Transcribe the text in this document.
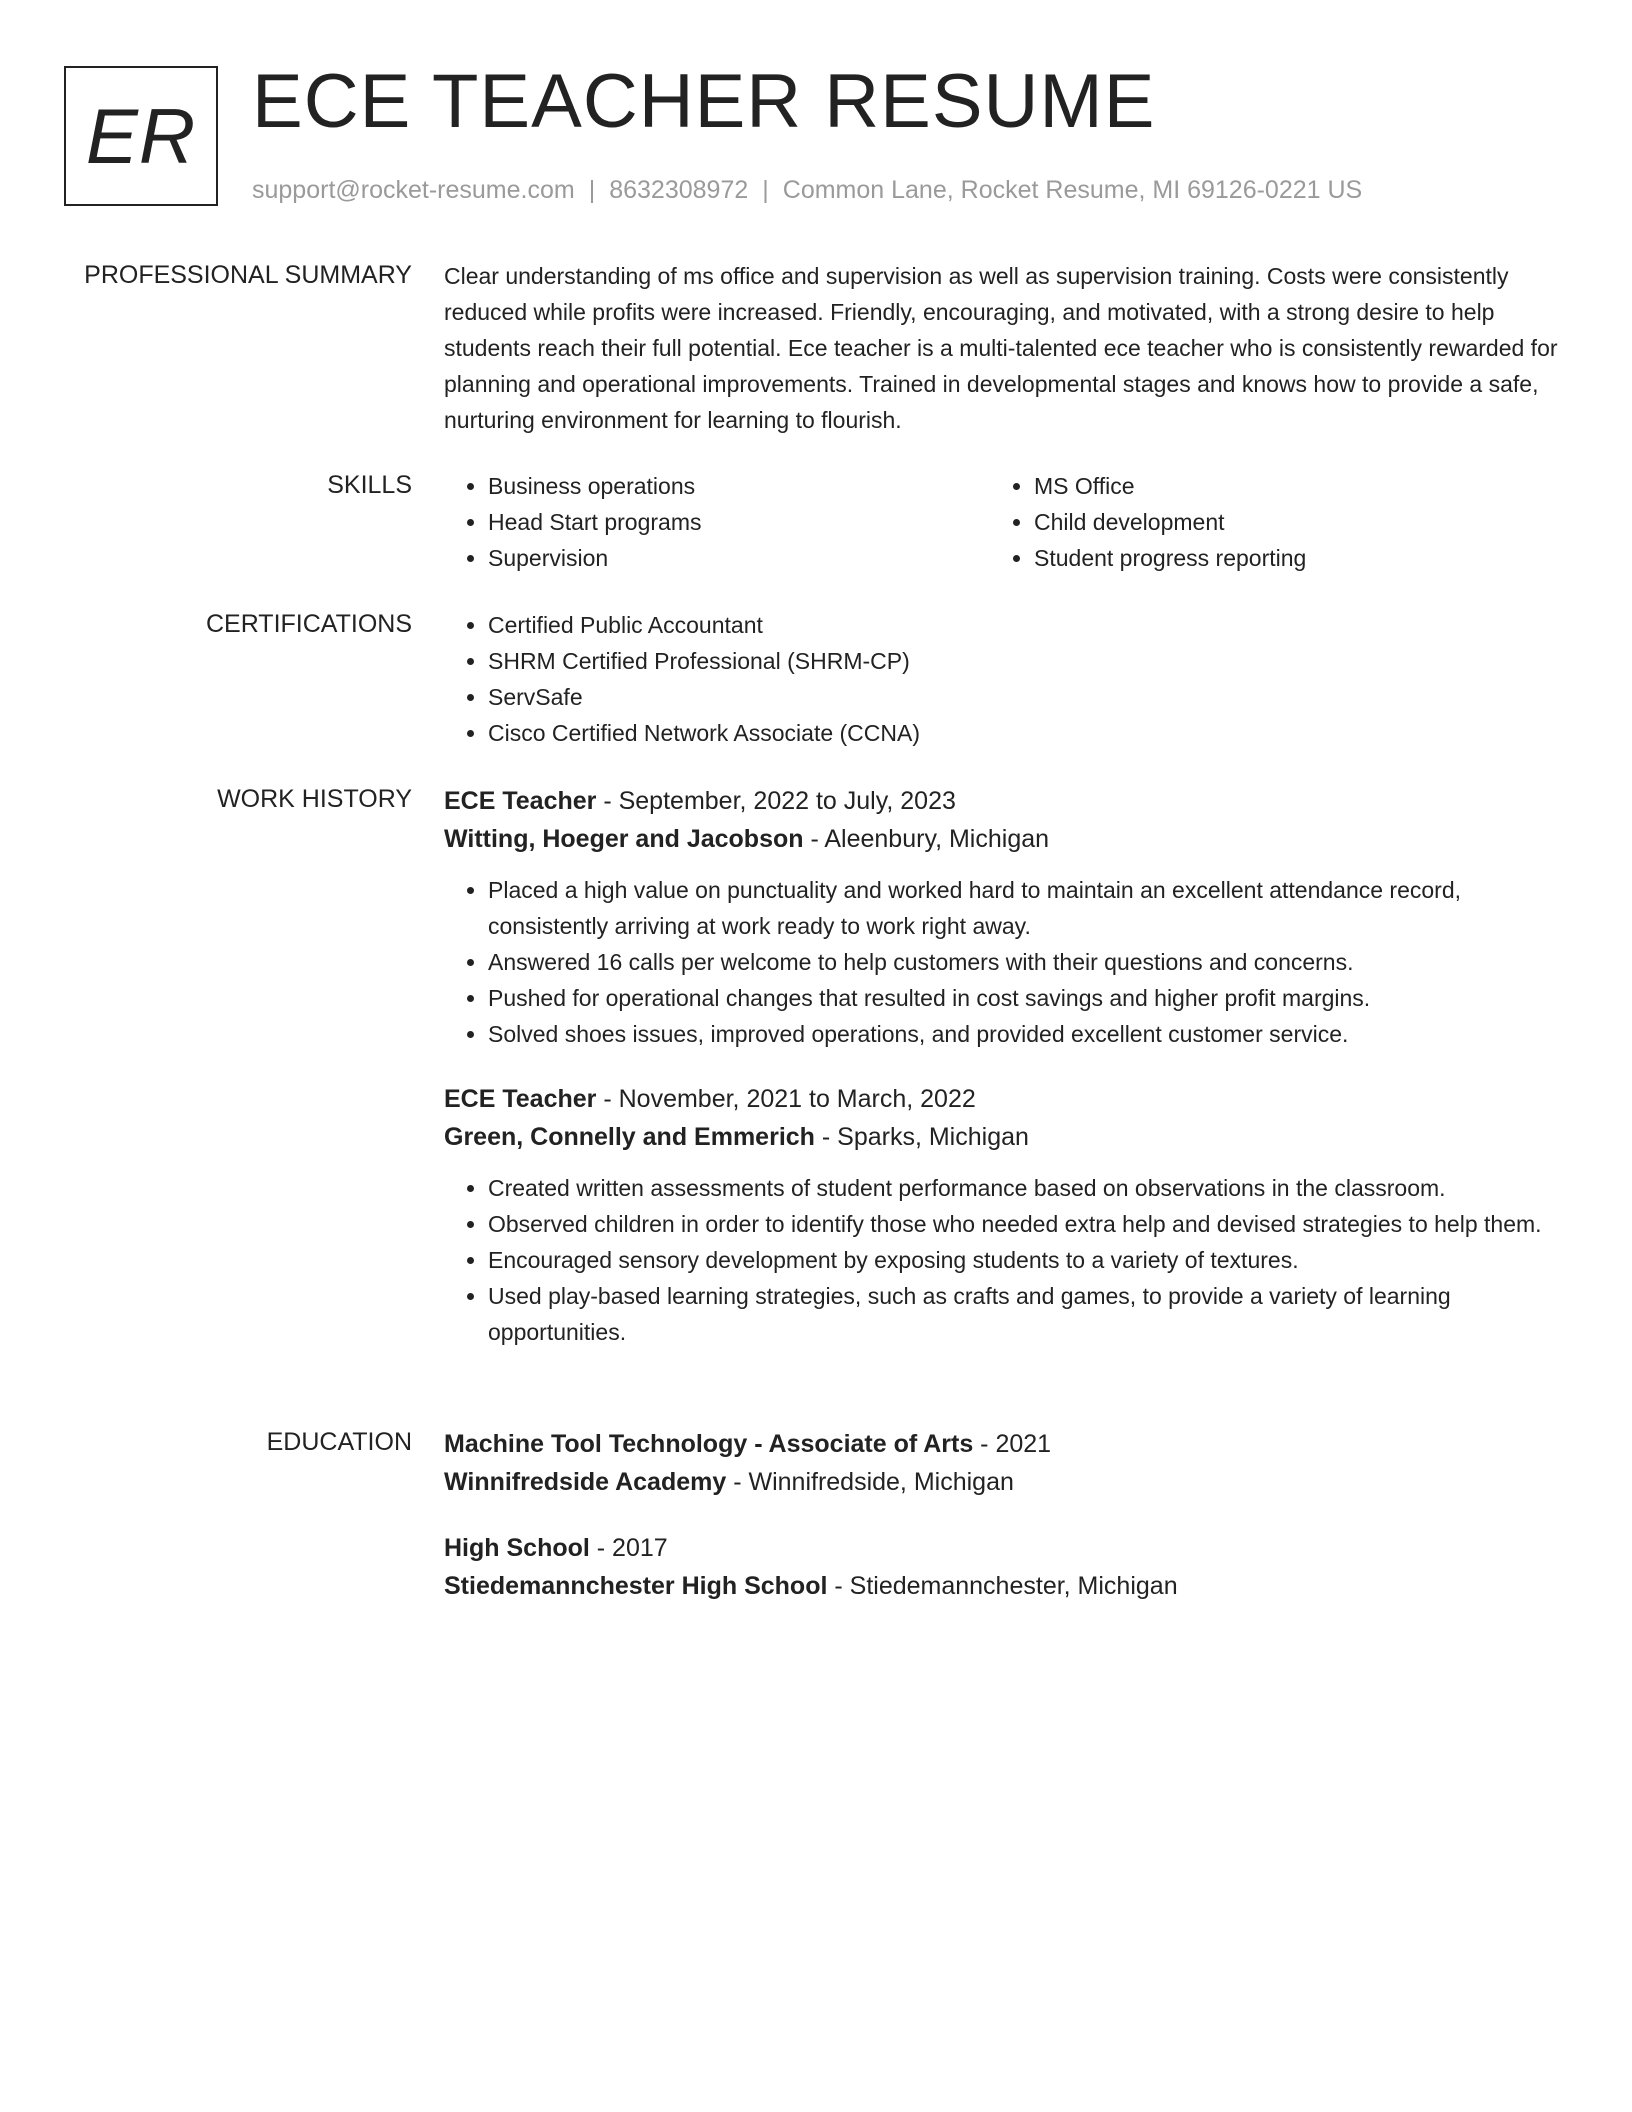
ER ECE TEACHER RESUME
support@rocket-resume.com | 8632308972 | Common Lane, Rocket Resume, MI 69126-0221 US
PROFESSIONAL SUMMARY Clear understanding of ms office and supervision as well as supervision training. Costs were consistently reduced while profits were increased. Friendly, encouraging, and motivated, with a strong desire to help students reach their full potential. Ece teacher is a multi-talented ece teacher who is consistently rewarded for planning and operational improvements. Trained in developmental stages and knows how to provide a safe, nurturing environment for learning to flourish.

SKILLS	• Business operations
• Head Start programs
• Supervision
• MS Office
• Child development
• Student progress reporting
CERTIFICATIONS	• Certified Public Accountant
• SHRM Certified Professional (SHRM-CP)
• ServSafe
• Cisco Certified Network Associate (CCNA)
WORK HISTORY ECE Teacher - September, 2022 to July, 2023
Witting, Hoeger and Jacobson - Aleenbury, Michigan
• Placed a high value on punctuality and worked hard to maintain an excellent attendance record, consistently arriving at work ready to work right away.
• Answered 16 calls per welcome to help customers with their questions and concerns.
• Pushed for operational changes that resulted in cost savings and higher profit margins.
• Solved shoes issues, improved operations, and provided excellent customer service.
ECE Teacher - November, 2021 to March, 2022
Green, Connelly and Emmerich - Sparks, Michigan
• Created written assessments of student performance based on observations in the classroom.
• Observed children in order to identify those who needed extra help and devised strategies to help them.
• Encouraged sensory development by exposing students to a variety of textures.
• Used play-based learning strategies, such as crafts and games, to provide a variety of learning opportunities.
EDUCATION Machine Tool Technology - Associate of Arts - 2021
Winnifredside Academy - Winnifredside, Michigan
High School - 2017
Stiedemannchester High School - Stiedemannchester, Michigan
